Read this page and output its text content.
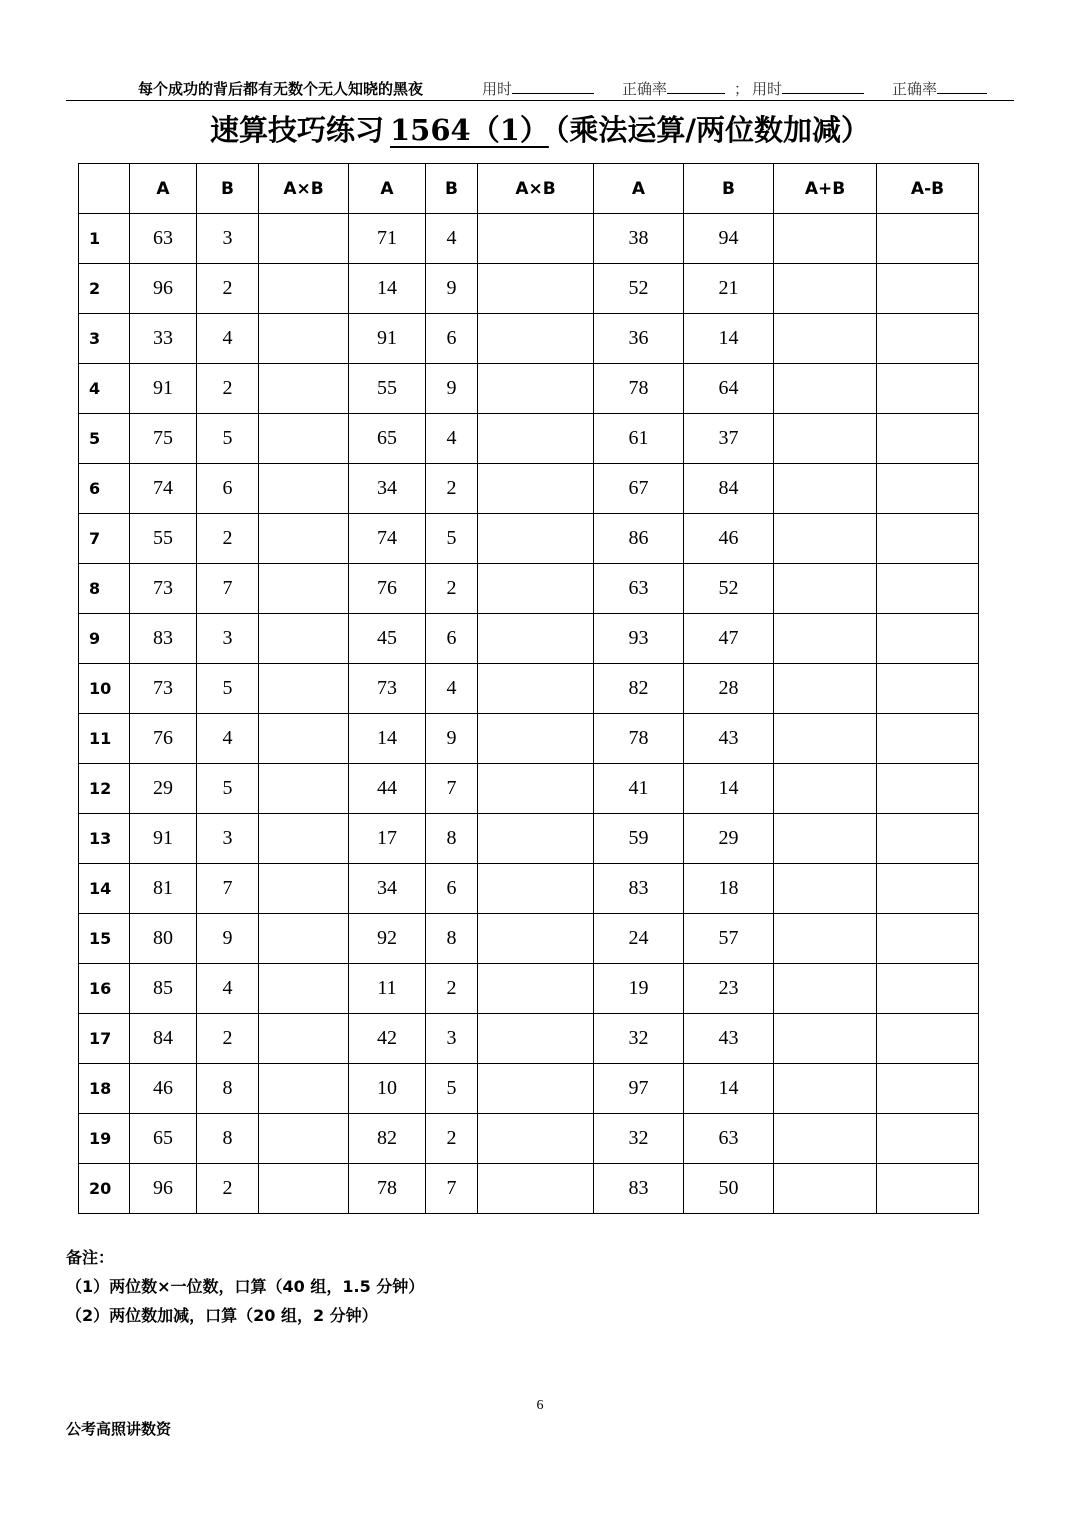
每个成功的背后都有无数个无人知晓的黑夜	用时	正确率	； 用时	正确率
速算技巧练习 1564（1） （乘法运算/两位数加减）
	A	B	A×B	A	B	A×B	A	B	A+B	A-B
1	63	3		71	4		38	94		
2	96	2		14	9		52	21		
3	33	4		91	6		36	14		
4	91	2		55	9		78	64		
5	75	5		65	4		61	37		
6	74	6		34	2		67	84		
7	55	2		74	5		86	46		
8	73	7		76	2		63	52		
9	83	3		45	6		93	47		
10	73	5		73	4		82	28		
11	76	4		14	9		78	43		
12	29	5		44	7		41	14		
13	91	3		17	8		59	29		
14	81	7		34	6		83	18		
15	80	9		92	8		24	57		
16	85	4		11	2		19	23		
17	84	2		42	3		32	43		
18	46	8		10	5		97	14		
19	65	8		82	2		32	63		
20	96	2		78	7		83	50		
备注：
（1）两位数×一位数，口算（40 组，1.5 分钟）
（2）两位数加减，口算（20 组，2 分钟）
6
公考高照讲数资
